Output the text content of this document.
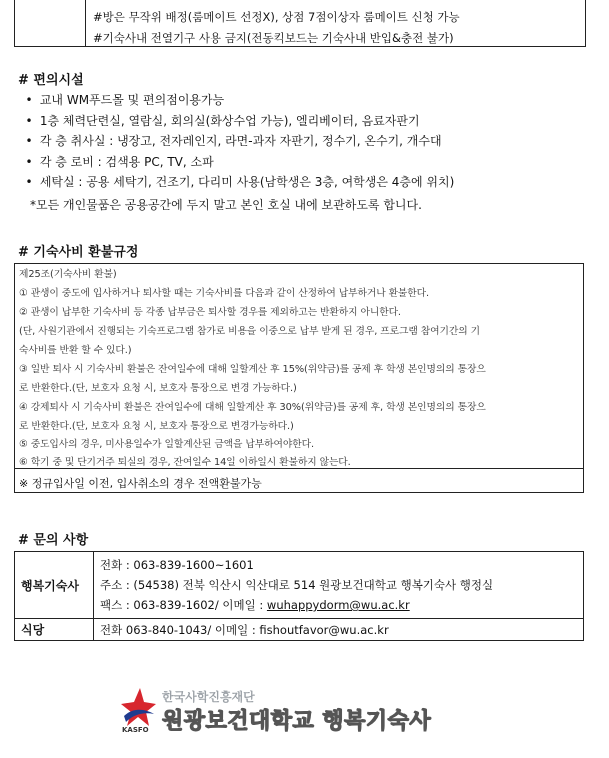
#방은 무작위 배정(룸메이트 선정X), 상점 7점이상자 룸메이트 신청 가능
#기숙사내 전열기구 사용 금지(전동킥보드는 기숙사내 반입&충전 불가)
# 편의시설
• 교내 WM푸드몰 및 편의점이용가능
• 1층 체력단련실, 열람실, 회의실(화상수업 가능), 엘리베이터, 음료자판기
• 각 층 취사실 : 냉장고, 전자레인지, 라면-과자 자판기, 정수기, 온수기, 개수대
• 각 층 로비 : 검색용 PC, TV, 소파
• 세탁실 : 공용 세탁기, 건조기, 다리미 사용(남학생은 3층, 여학생은 4층에 위치)
*모든 개인물품은 공용공간에 두지 말고 본인 호실 내에 보관하도록 합니다.
# 기숙사비 환불규정
제25조(기숙사비 환불)
① 관생이 중도에 입사하거나 퇴사할 때는 기숙사비를 다음과 같이 산정하여 납부하거나 환불한다.
② 관생이 납부한 기숙사비 등 각종 납부금은 퇴사할 경우를 제외하고는 반환하지 아니한다.
(단, 사원기관에서 진행되는 기숙프로그램 참가로 비용을 이중으로 납부 받게 된 경우, 프로그램 참여기간의 기
숙사비를 반환 할 수 있다.)
③ 일반 퇴사 시 기숙사비 환불은 잔여일수에 대해 일할계산 후 15%(위약금)를 공제 후 학생 본인명의의 통장으
로 반환한다.(단, 보호자 요청 시, 보호자 통장으로 변경 가능하다.)
④ 강제퇴사 시 기숙사비 환불은 잔여일수에 대해 일할계산 후 30%(위약금)를 공제 후, 학생 본인명의의 통장으
로 반환한다.(단, 보호자 요청 시, 보호자 통장으로 변경가능하다.)
⑤ 중도입사의 경우, 미사용일수가 일할계산된 금액을 납부하여야한다.
⑥ 학기 중 및 단기거주 퇴실의 경우, 잔여일수 14일 이하일시 환불하지 않는다.
※ 정규입사일 이전, 입사취소의 경우 전액환불가능
# 문의 사항
행복기숙사	전화 : 063-839-1600~1601
주소 : (54538) 전북 익산시 익산대로 514 원광보건대학교 행복기숙사 행정실
팩스 : 063-839-1602/ 이메일 : wuhappydorm@wu.ac.kr

식당	전화 063-840-1043/ 이메일 : fishoutfavor@wu.ac.kr
KASFO
한국사학진흥재단
원광보건대학교 행복기숙사
